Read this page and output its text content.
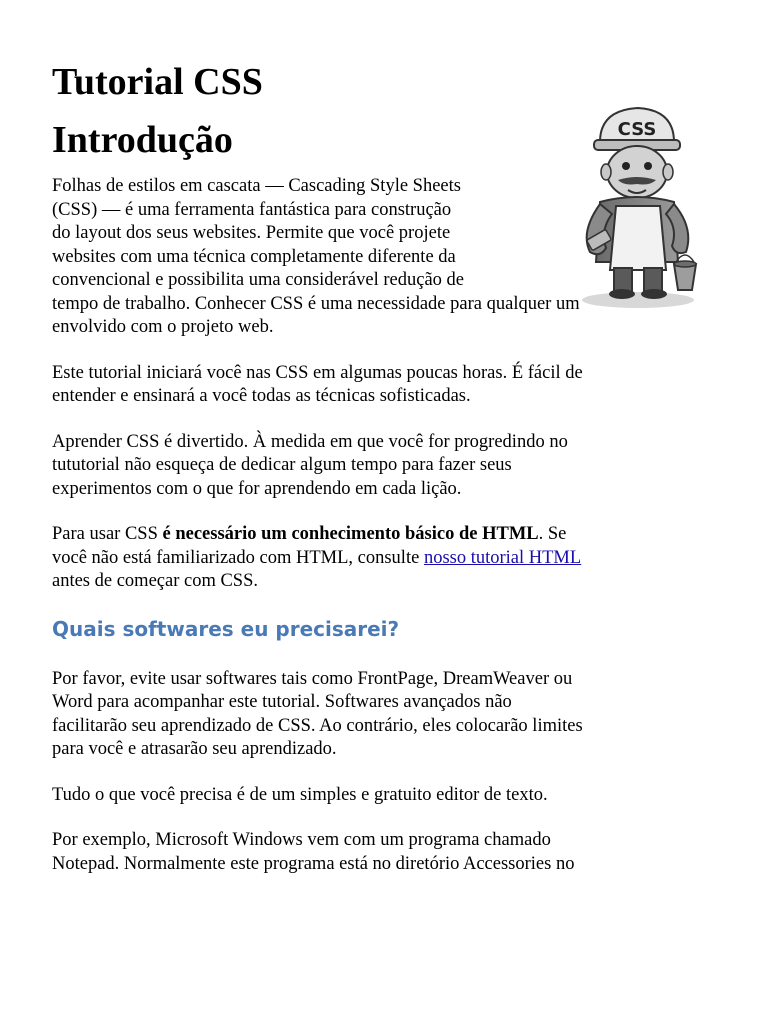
Tutorial CSS
Introdução	CSS

Folhas de estilos em cascata — Cascading Style Sheets
(CSS) — é uma ferramenta fantástica para construção
do layout dos seus websites. Permite que você projete
websites com uma técnica completamente diferente da
convencional e possibilita uma considerável redução de
tempo de trabalho. Conhecer CSS é uma necessidade para qualquer um
envolvido com o projeto web.

Este tutorial iniciará você nas CSS em algumas poucas horas. É fácil de
entender e ensinará a você todas as técnicas sofisticadas.

Aprender CSS é divertido. À medida em que você for progredindo no
tututorial não esqueça de dedicar algum tempo para fazer seus
experimentos com o que for aprendendo em cada lição.

Para usar CSS é necessário um conhecimento básico de HTML. Se
você não está familiarizado com HTML, consulte nosso tutorial HTML
antes de começar com CSS.

Quais softwares eu precisarei?

Por favor, evite usar softwares tais como FrontPage, DreamWeaver ou
Word para acompanhar este tutorial. Softwares avançados não
facilitarão seu aprendizado de CSS. Ao contrário, eles colocarão limites
para você e atrasarão seu aprendizado.

Tudo o que você precisa é de um simples e gratuito editor de texto.

Por exemplo, Microsoft Windows vem com um programa chamado
Notepad. Normalmente este programa está no diretório Accessories no
